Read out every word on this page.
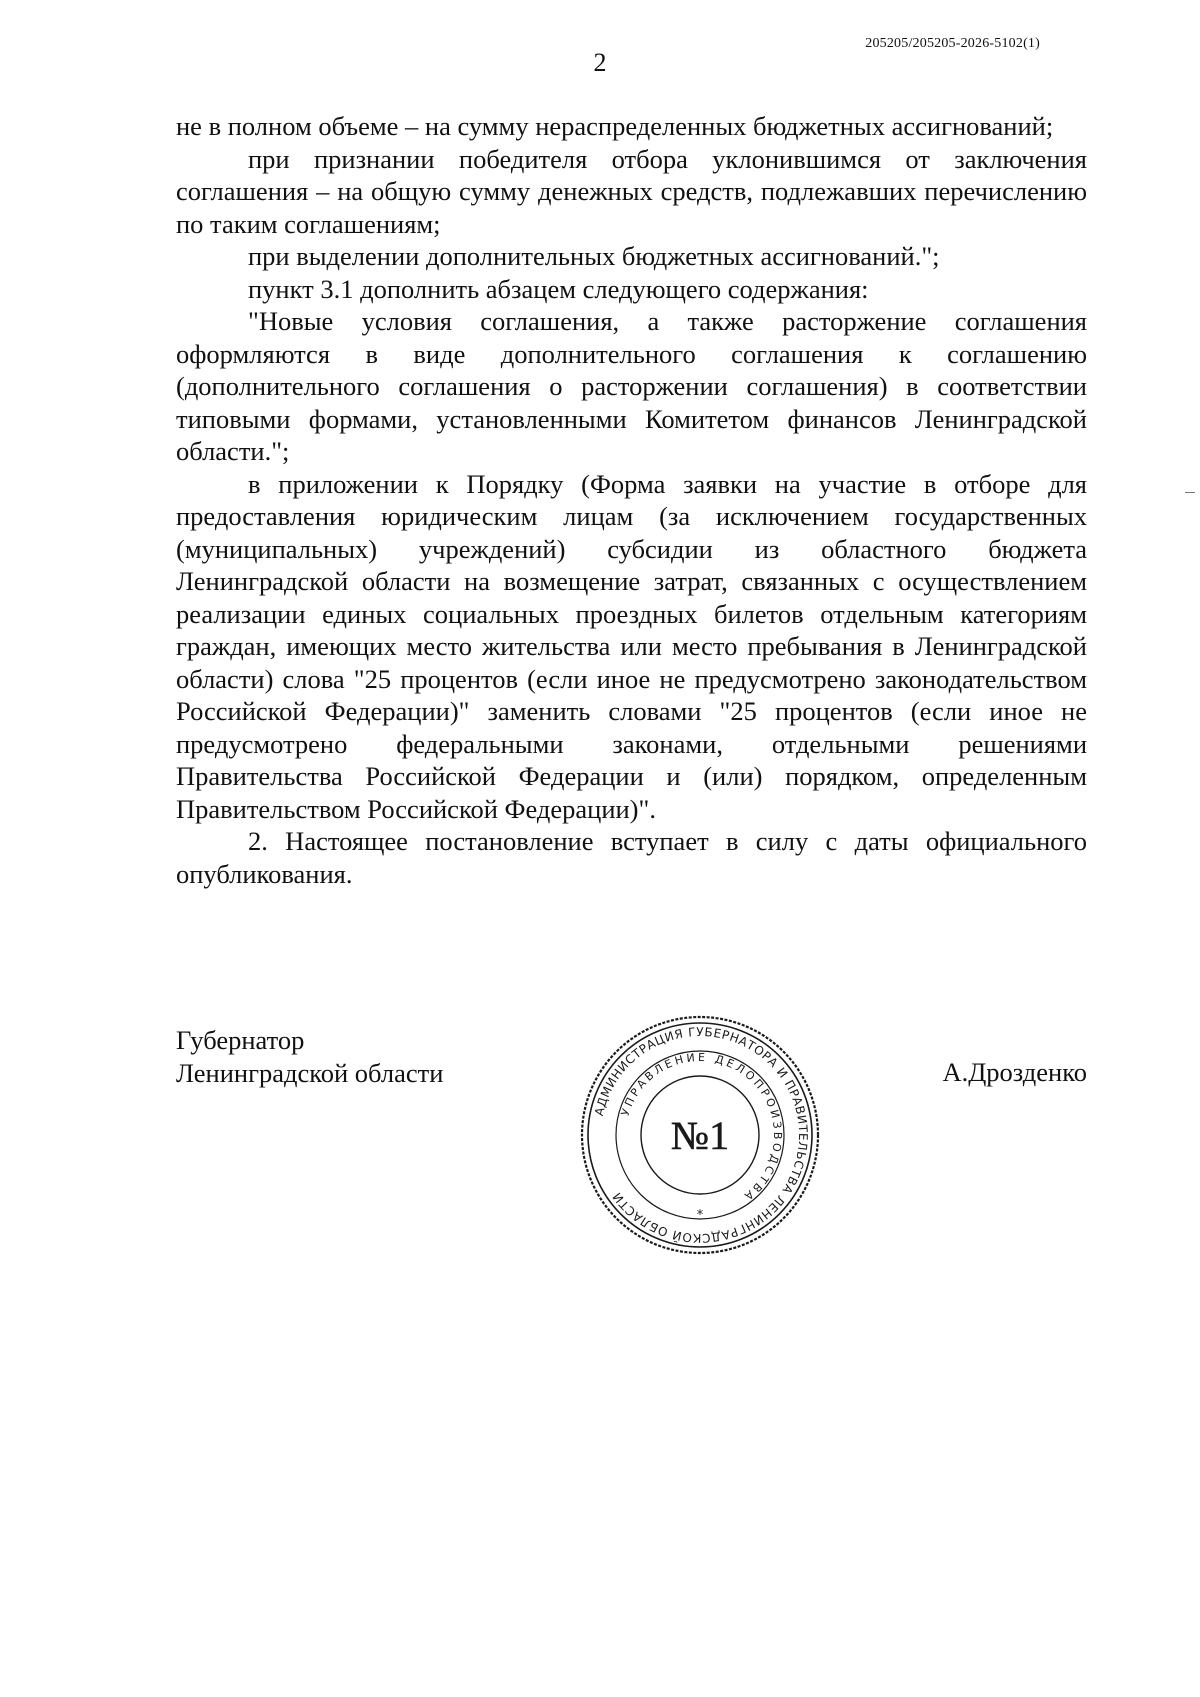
205205/205205-2026-5102(1)
2

не в полном объеме – на сумму нераспределенных бюджетных ассигнований;

при признании победителя отбора уклонившимся от заключения соглашения – на общую сумму денежных средств, подлежавших перечислению по таким соглашениям;

при выделении дополнительных бюджетных ассигнований.";

пункт 3.1 дополнить абзацем следующего содержания:

"Новые условия соглашения, а также расторжение соглашения оформляются в виде дополнительного соглашения к соглашению (дополнительного соглашения о расторжении соглашения) в соответствии типовыми формами, установленными Комитетом финансов Ленинградской области.";

в приложении к Порядку (Форма заявки на участие в отборе для предоставления юридическим лицам (за исключением государственных (муниципальных) учреждений) субсидии из областного бюджета Ленинградской области на возмещение затрат, связанных с осуществлением реализации единых социальных проездных билетов отдельным категориям граждан, имеющих место жительства или место пребывания в Ленинградской области) слова "25 процентов (если иное не предусмотрено законодательством Российской Федерации)" заменить словами "25 процентов (если иное не предусмотрено федеральными законами, отдельными решениями Правительства Российской Федерации и (или) порядком, определенным Правительством Российской Федерации)".

2. Настоящее постановление вступает в силу с даты официального опубликования.

Губернатор
Ленинградской области	А.Дрозденко
АДМИНИСТРАЦИЯ ГУБЕРНАТОРА И ПРАВИТЕЛЬСТВА ЛЕНИНГРАДСКОЙ ОБЛАСТИ
УПРАВЛЕНИЕ ДЕЛОПРОИЗВОДСТВА
№1
*
